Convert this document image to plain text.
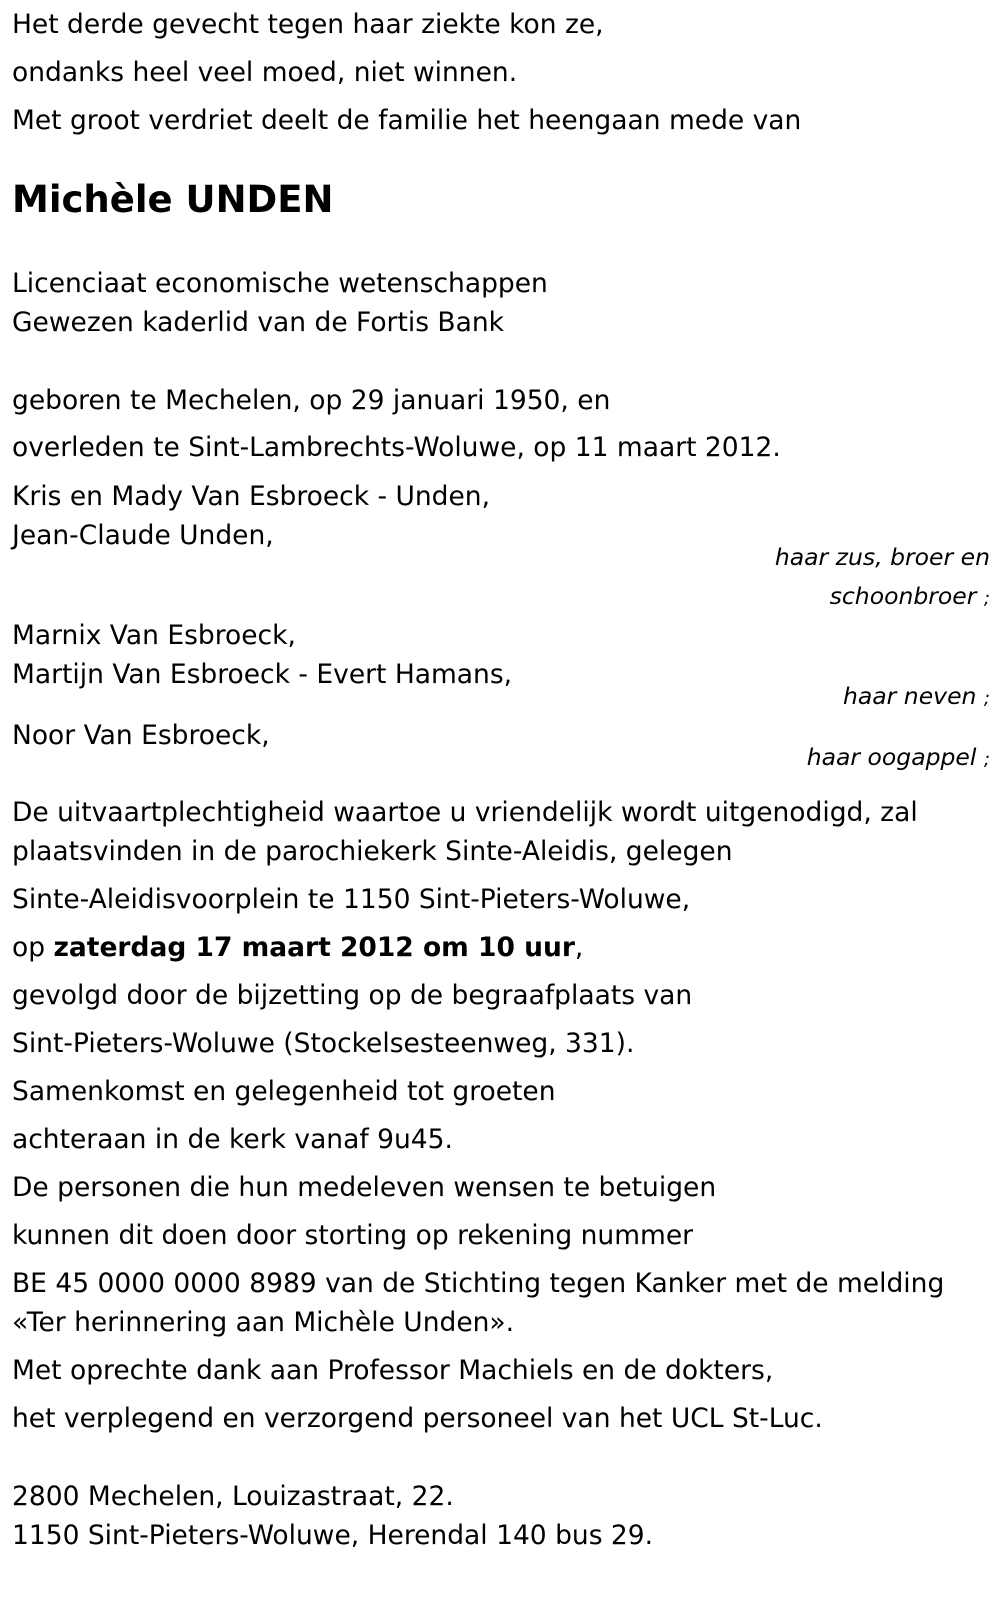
Het derde gevecht tegen haar ziekte kon ze,
ondanks heel veel moed, niet winnen.
Met groot verdriet deelt de familie het heengaan mede van
Michèle UNDEN
Licenciaat economische wetenschappen
Gewezen kaderlid van de Fortis Bank
geboren te Mechelen, op 29 januari 1950, en
overleden te Sint-Lambrechts-Woluwe, op 11 maart 2012.
Kris en Mady Van Esbroeck - Unden,
Jean-Claude Unden,
haar zus, broer en
schoonbroer ;
Marnix Van Esbroeck,
Martijn Van Esbroeck - Evert Hamans,
haar neven ;
Noor Van Esbroeck,
haar oogappel ;
De uitvaartplechtigheid waartoe u vriendelijk wordt uitgenodigd, zal
plaatsvinden in de parochiekerk Sinte-Aleidis, gelegen
Sinte-Aleidisvoorplein te 1150 Sint-Pieters-Woluwe,
op zaterdag 17 maart 2012 om 10 uur,
gevolgd door de bijzetting op de begraafplaats van
Sint-Pieters-Woluwe (Stockelsesteenweg, 331).
Samenkomst en gelegenheid tot groeten
achteraan in de kerk vanaf 9u45.
De personen die hun medeleven wensen te betuigen
kunnen dit doen door storting op rekening nummer
BE 45 0000 0000 8989 van de Stichting tegen Kanker met de melding
«Ter herinnering aan Michèle Unden».
Met oprechte dank aan Professor Machiels en de dokters,
het verplegend en verzorgend personeel van het UCL St-Luc.
2800 Mechelen, Louizastraat, 22.
1150 Sint-Pieters-Woluwe, Herendal 140 bus 29.
